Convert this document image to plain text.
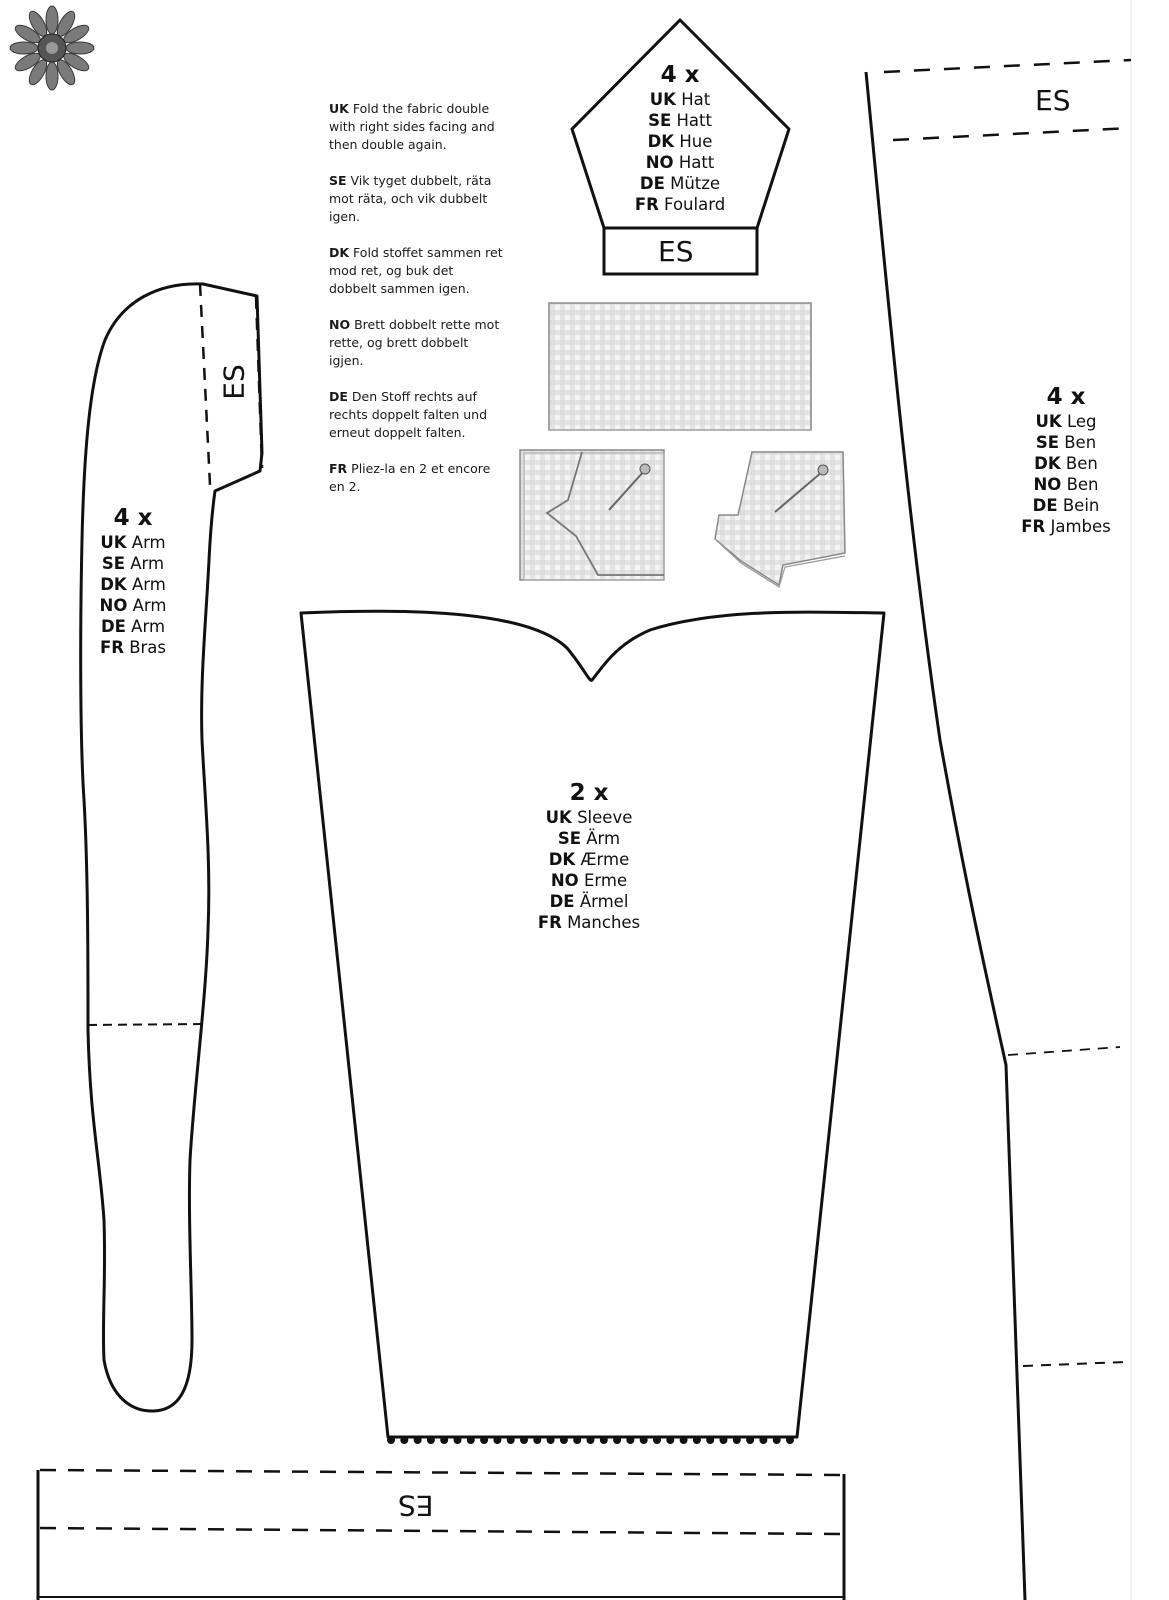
UK Fold the fabric double with right sides facing and then double again.

SE Vik tyget dubbelt, räta mot räta, och vik dubbelt igen.

DK Fold stoffet sammen ret mod ret, og buk det dobbelt sammen igen.

NO Brett dobbelt rette mot rette, og brett dobbelt igjen.

DE Den Stoff rechts auf rechts doppelt falten und erneut doppelt falten.

FR Pliez-la en 2 et encore en 2.

4 x
UK Hat
SE Hatt
DK Hue
NO Hatt
DE Mütze
FR Foulard
4 x
UK Arm
SE Arm
DK Arm
NO Arm
DE Arm
FR Bras
2 x
UK Sleeve
SE Ärm
DK Ærme
NO Erme
DE Ärmel
FR Manches
4 x
UK Leg
SE Ben
DK Ben
NO Ben
DE Bein
FR Jambes
ES
ES
ES
ES
